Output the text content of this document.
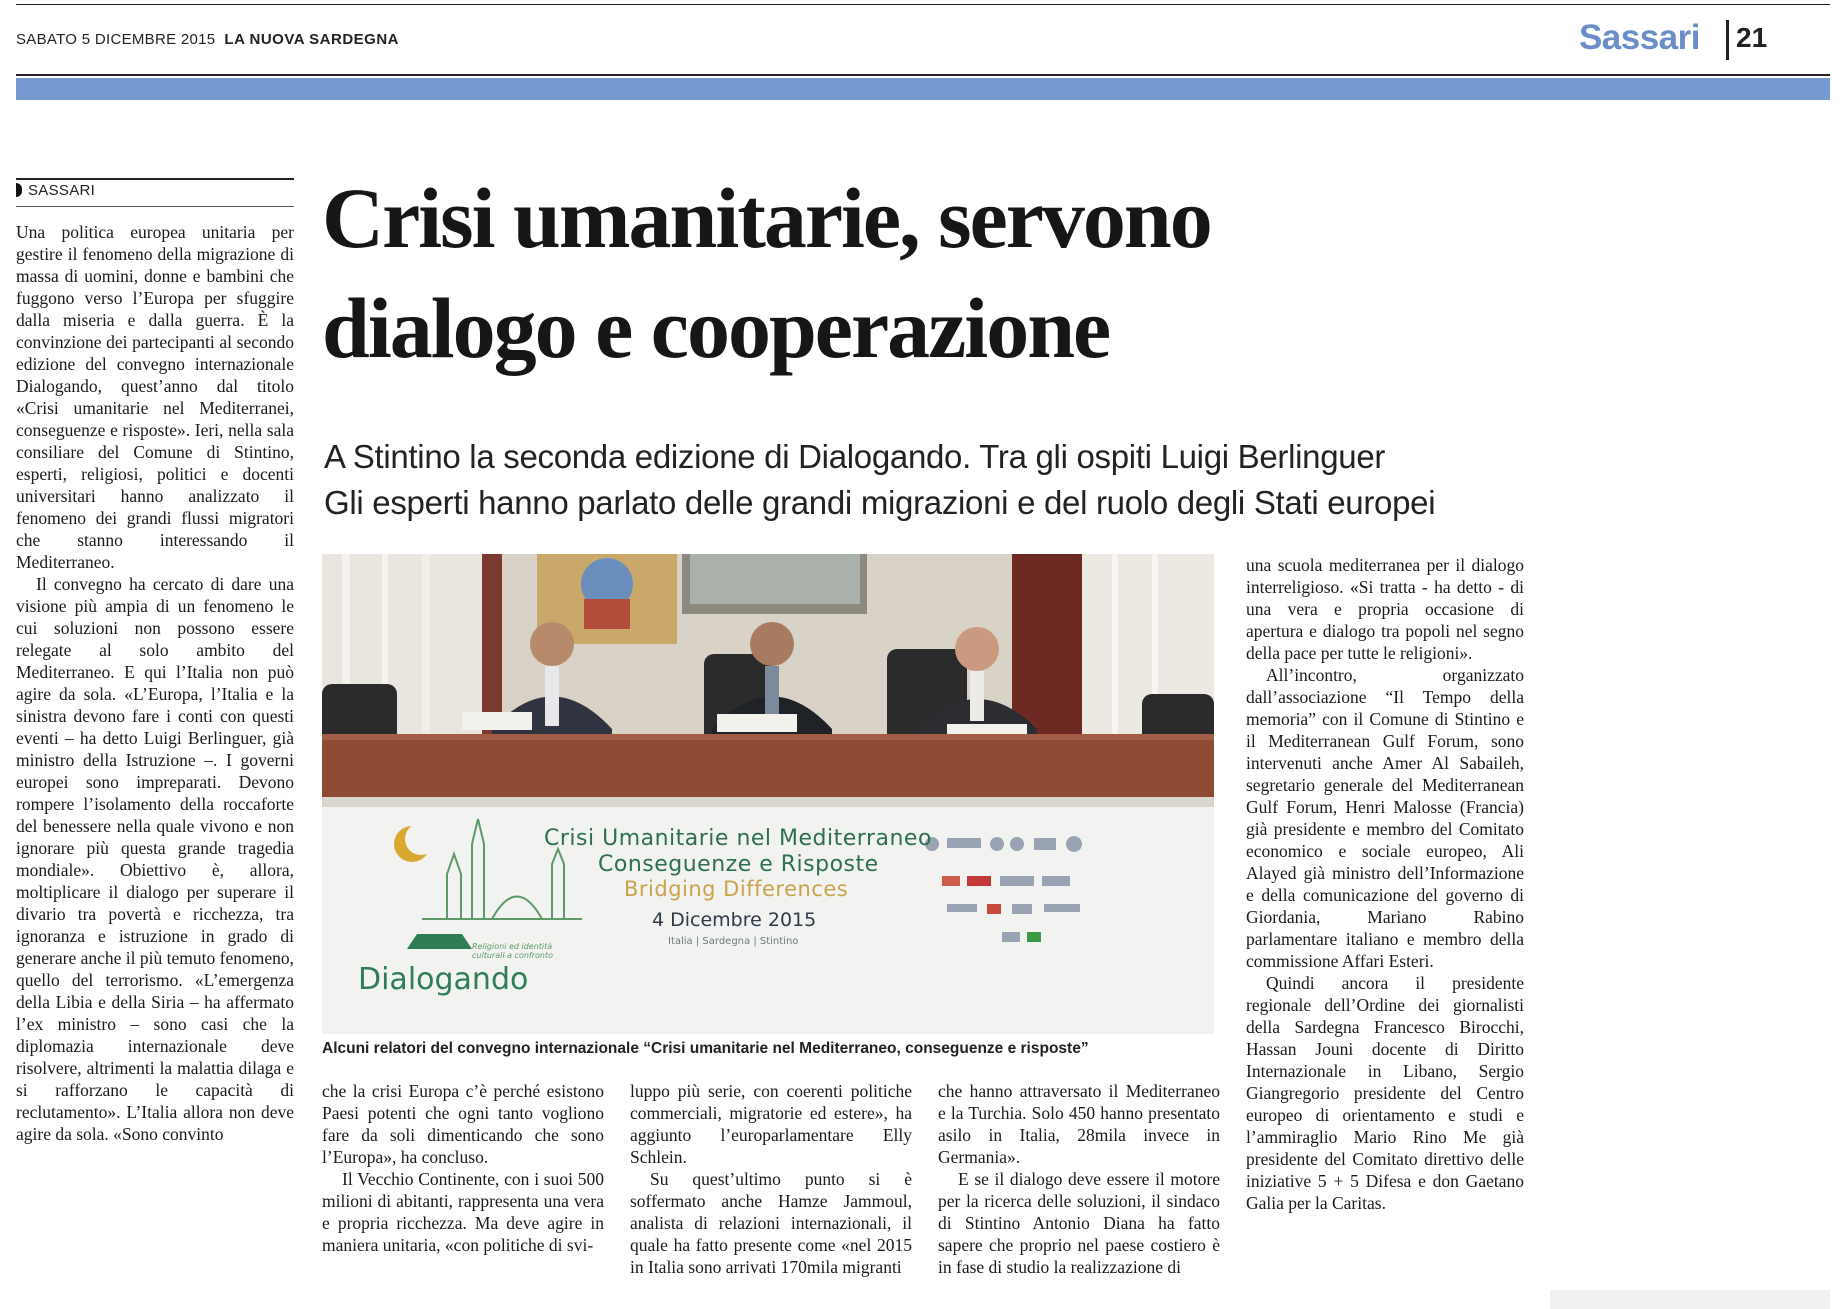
SABATO 5 DICEMBRE 2015 LA NUOVA SARDEGNA	Sassari 21
SASSARI

Una politica europea unitaria per gestire il fenomeno della migrazione di massa di uomini, donne e bambini che fuggono verso l’Europa per sfuggire dalla miseria e dalla guerra. È la convinzione dei partecipanti al secondo edizione del convegno internazionale Dialogando, quest’anno dal titolo «Crisi umanitarie nel Mediterranei, conseguenze e risposte». Ieri, nella sala consiliare del Comune di Stintino, esperti, religiosi, politici e docenti universitari hanno analizzato il fenomeno dei grandi flussi migratori che stanno interessando il Mediterraneo.

Il convegno ha cercato di dare una visione più ampia di un fenomeno le cui soluzioni non possono essere relegate al solo ambito del Mediterraneo. E qui l’Italia non può agire da sola. «L’Europa, l’Italia e la sinistra devono fare i conti con questi eventi – ha detto Luigi Berlinguer, già ministro della Istruzione –. I governi europei sono impreparati. Devono rompere l’isolamento della roccaforte del benessere nella quale vivono e non ignorare più questa grande tragedia mondiale». Obiettivo è, allora, moltiplicare il dialogo per superare il divario tra povertà e ricchezza, tra ignoranza e istruzione in grado di generare anche il più temuto fenomeno, quello del terrorismo. «L’emergenza della Libia e della Siria – ha affermato l’ex ministro – sono casi che la diplomazia internazionale deve risolvere, altrimenti la malattia dilaga e si rafforzano le capacità di reclutamento». L’Italia allora non deve agire da sola. «Sono convinto

Crisi umanitarie, servono
dialogo e cooperazione
A Stintino la seconda edizione di Dialogando. Tra gli ospiti Luigi Berlinguer
Gli esperti hanno parlato delle grandi migrazioni e del ruolo degli Stati europei
Crisi Umanitarie nel Mediterraneo
Conseguenze e Risposte
Bridging Differences
4 Dicembre 2015
Italia | Sardegna | Stintino
Dialogando
Religioni ed identità culturali a confronto
Alcuni relatori del convegno internazionale “Crisi umanitarie nel Mediterraneo, conseguenze e risposte”

che la crisi Europa c’è perché esistono Paesi potenti che ogni tanto vogliono fare da soli dimenticando che sono l’Europa», ha concluso.

Il Vecchio Continente, con i suoi 500 milioni di abitanti, rappresenta una vera e propria ricchezza. Ma deve agire in maniera unitaria, «con politiche di svi-

luppo più serie, con coerenti politiche commerciali, migratorie ed estere», ha aggiunto l’europarlamentare Elly Schlein.

Su quest’ultimo punto si è soffermato anche Hamze Jammoul, analista di relazioni internazionali, il quale ha fatto presente come «nel 2015 in Italia sono arrivati 170mila migranti

che hanno attraversato il Mediterraneo e la Turchia. Solo 450 hanno presentato asilo in Italia, 28mila invece in Germania».

E se il dialogo deve essere il motore per la ricerca delle soluzioni, il sindaco di Stintino Antonio Diana ha fatto sapere che proprio nel paese costiero è in fase di studio la realizzazione di

una scuola mediterranea per il dialogo interreligioso. «Si tratta - ha detto - di una vera e propria occasione di apertura e dialogo tra popoli nel segno della pace per tutte le religioni».

All’incontro, organizzato dall’associazione “Il Tempo della memoria” con il Comune di Stintino e il Mediterranean Gulf Forum, sono intervenuti anche Amer Al Sabaileh, segretario generale del Mediterranean Gulf Forum, Henri Malosse (Francia) già presidente e membro del Comitato economico e sociale europeo, Ali Alayed già ministro dell’Informazione e della comunicazione del governo di Giordania, Mariano Rabino parlamentare italiano e membro della commissione Affari Esteri.

Quindi ancora il presidente regionale dell’Ordine dei giornalisti della Sardegna Francesco Birocchi, Hassan Jouni docente di Diritto Internazionale in Libano, Sergio Giangregorio presidente del Centro europeo di orientamento e studi e l’ammiraglio Mario Rino Me già presidente del Comitato direttivo delle iniziative 5 + 5 Difesa e don Gaetano Galia per la Caritas.
